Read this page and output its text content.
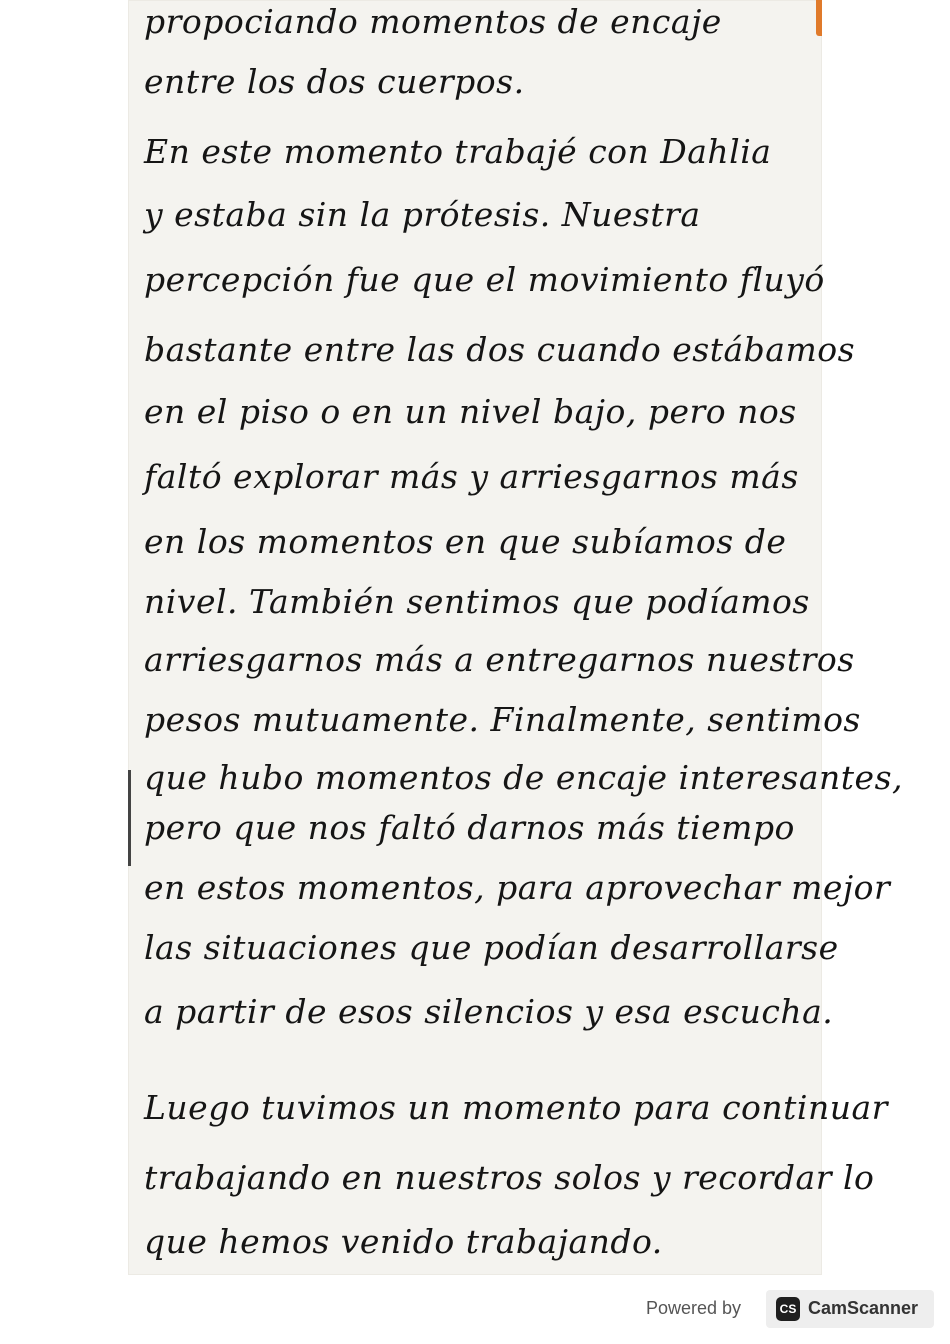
propociando momentos de encaje
entre los dos cuerpos.
En este momento trabajé con Dahlia
y estaba sin la prótesis. Nuestra
percepción fue que el movimiento fluyó
bastante entre las dos cuando estábamos
en el piso o en un nivel bajo, pero nos
faltó explorar más y arriesgarnos más
en los momentos en que subíamos de
nivel. También sentimos que podíamos
arriesgarnos más a entregarnos nuestros
pesos mutuamente. Finalmente, sentimos
que hubo momentos de encaje interesantes,
pero que nos faltó darnos más tiempo
en estos momentos, para aprovechar mejor
las situaciones que podían desarrollarse
a partir de esos silencios y esa escucha.
Luego tuvimos un momento para continuar
trabajando en nuestros solos y recordar lo
que hemos venido trabajando.
Powered by	CS CamScanner
